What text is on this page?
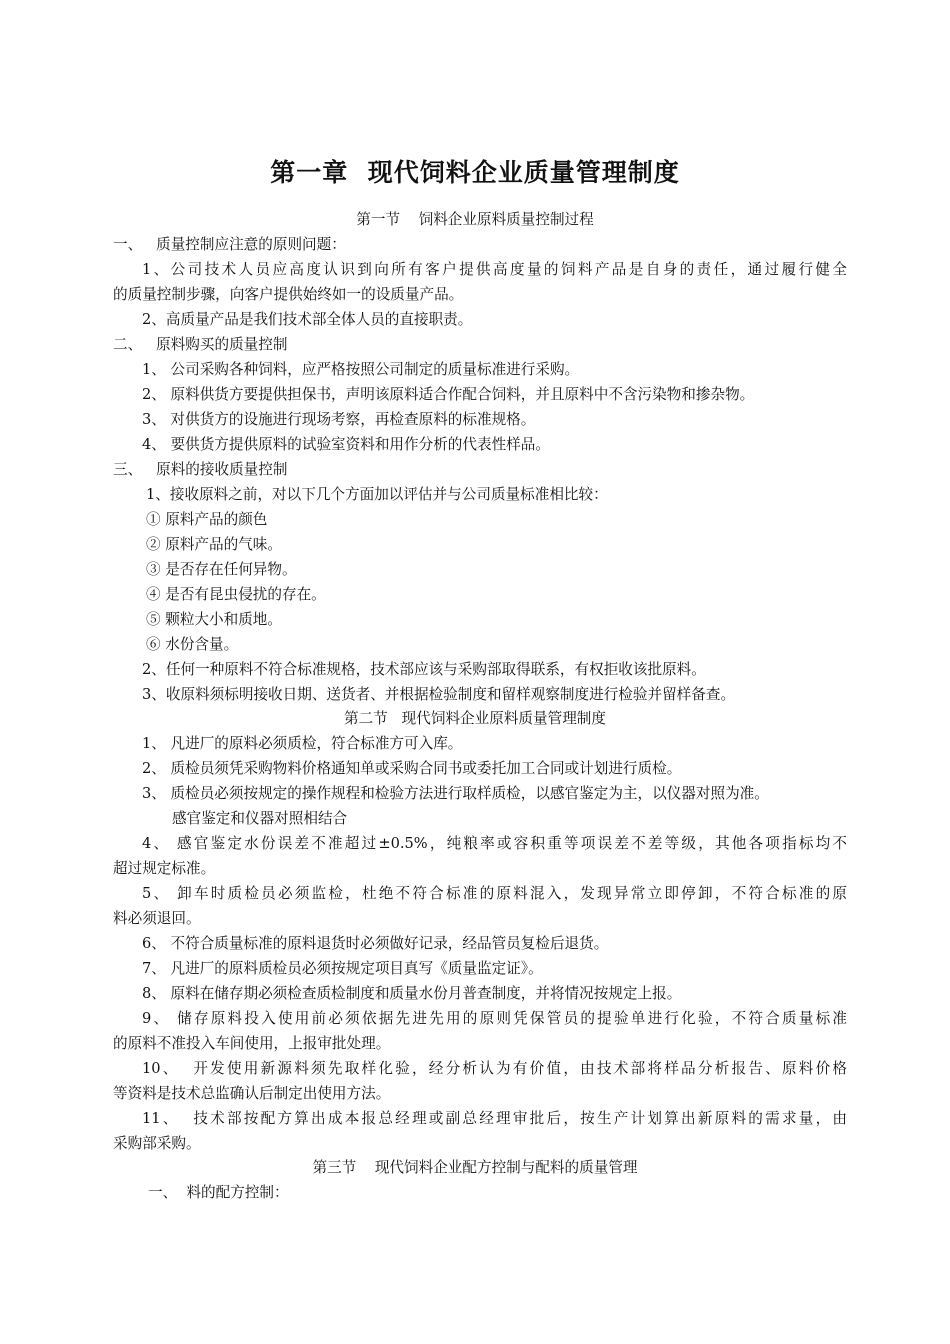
第一章  现代饲料企业质量管理制度
第一节    饲料企业原料质量控制过程
一、   质量控制应注意的原则问题：
1、公司技术人员应高度认识到向所有客户提供高度量的饲料产品是自身的责任，通过履行健全
的质量控制步骤，向客户提供始终如一的设质量产品。
2、高质量产品是我们技术部全体人员的直接职责。
二、   原料购买的质量控制
1、 公司采购各种饲料，应严格按照公司制定的质量标准进行采购。
2、 原料供货方要提供担保书，声明该原料适合作配合饲料，并且原料中不含污染物和掺杂物。
3、 对供货方的设施进行现场考察，再检查原料的标准规格。
4、 要供货方提供原料的试验室资料和用作分析的代表性样品。
三、   原料的接收质量控制
1、接收原料之前，对以下几个方面加以评估并与公司质量标准相比较：
① 原料产品的颜色
② 原料产品的气味。
③ 是否存在任何异物。
④ 是否有昆虫侵扰的存在。
⑤ 颗粒大小和质地。
⑥ 水份含量。
2、任何一种原料不符合标准规格，技术部应该与采购部取得联系，有权拒收该批原料。
3、收原料须标明接收日期、送货者、并根据检验制度和留样观察制度进行检验并留样备查。
第二节   现代饲料企业原料质量管理制度
1、 凡进厂的原料必须质检，符合标准方可入库。
2、 质检员须凭采购物料价格通知单或采购合同书或委托加工合同或计划进行质检。
3、 质检员必须按规定的操作规程和检验方法进行取样质检，以感官鉴定为主，以仪器对照为准。
感官鉴定和仪器对照相结合
4、 感官鉴定水份误差不准超过±0.5%，纯粮率或容积重等项误差不差等级，其他各项指标均不
超过规定标准。
5、 卸车时质检员必须监检，杜绝不符合标准的原料混入，发现异常立即停卸，不符合标准的原
料必须退回。
6、 不符合质量标准的原料退货时必须做好记录，经品管员复检后退货。
7、 凡进厂的原料质检员必须按规定项目真写《质量监定证》。
8、 原料在储存期必须检查质检制度和质量水份月普查制度，并将情况按规定上报。
9、 储存原料投入使用前必须依据先进先用的原则凭保管员的提验单进行化验，不符合质量标准
的原料不准投入车间使用，上报审批处理。
10、  开发使用新源料须先取样化验，经分析认为有价值，由技术部将样品分析报告、原料价格
等资料是技术总监确认后制定出使用方法。
11、  技术部按配方算出成本报总经理或副总经理审批后，按生产计划算出新原料的需求量，由
采购部采购。
第三节    现代饲料企业配方控制与配料的质量管理
一、  料的配方控制：
